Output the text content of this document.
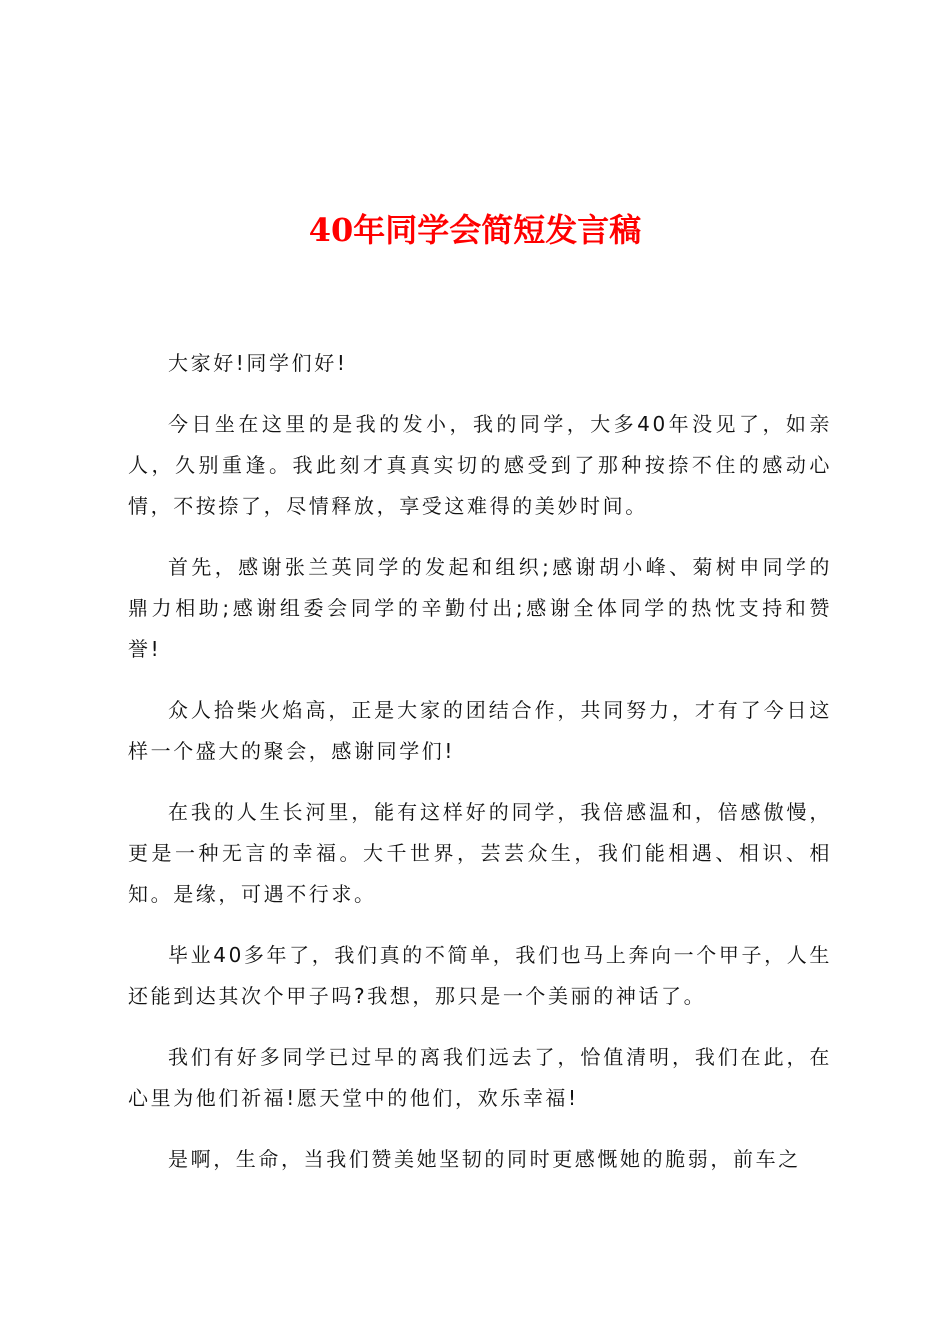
40年同学会简短发言稿

大家好!同学们好!

今日坐在这里的是我的发小，我的同学，大多40年没见了，如亲人，久别重逢。我此刻才真真实切的感受到了那种按捺不住的感动心情，不按捺了，尽情释放，享受这难得的美妙时间。

首先，感谢张兰英同学的发起和组织;感谢胡小峰、菊树申同学的鼎力相助;感谢组委会同学的辛勤付出;感谢全体同学的热忱支持和赞誉!

众人拾柴火焰高，正是大家的团结合作，共同努力，才有了今日这样一个盛大的聚会，感谢同学们!

在我的人生长河里，能有这样好的同学，我倍感温和，倍感傲慢，更是一种无言的幸福。大千世界，芸芸众生，我们能相遇、相识、相知。是缘，可遇不行求。

毕业40多年了，我们真的不简单，我们也马上奔向一个甲子，人生还能到达其次个甲子吗?我想，那只是一个美丽的神话了。

我们有好多同学已过早的离我们远去了，恰值清明，我们在此，在心里为他们祈福!愿天堂中的他们，欢乐幸福!

是啊，生命，当我们赞美她坚韧的同时更感慨她的脆弱，前车之
